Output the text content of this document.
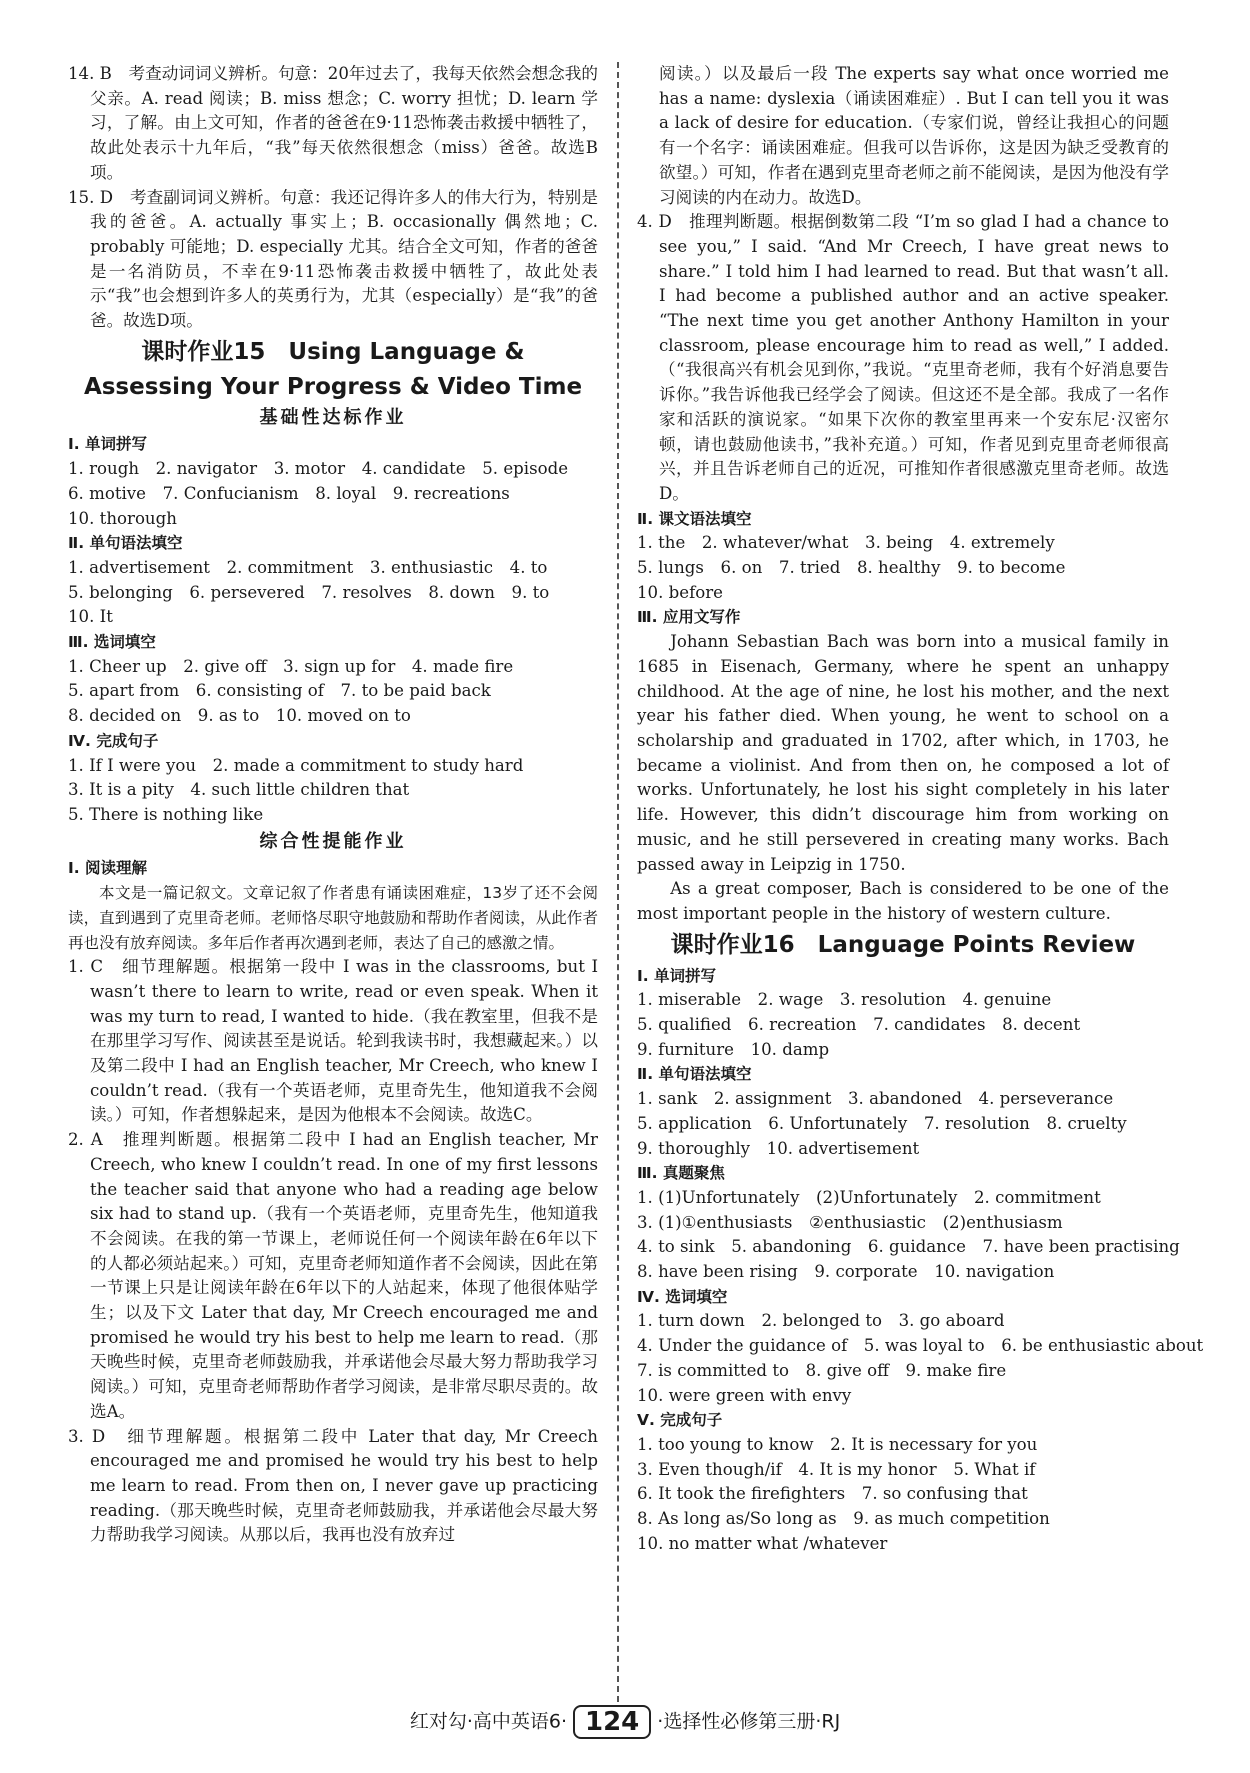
14. B　考查动词词义辨析。句意：20年过去了，我每天依然会想念我的父亲。A. read 阅读；B. miss 想念；C. worry 担忧；D. learn 学习，了解。由上文可知，作者的爸爸在9·11恐怖袭击救援中牺牲了，故此处表示十九年后，“我”每天依然很想念（miss）爸爸。故选B项。

15. D　考查副词词义辨析。句意：我还记得许多人的伟大行为，特别是我的爸爸。A. actually 事实上；B. occasionally 偶然地；C. probably 可能地；D. especially 尤其。结合全文可知，作者的爸爸是一名消防员，不幸在9·11恐怖袭击救援中牺牲了，故此处表示“我”也会想到许多人的英勇行为，尤其（especially）是“我”的爸爸。故选D项。

课时作业15　Using Language &

Assessing Your Progress & Video Time

基础性达标作业

Ⅰ. 单词拼写

1. rough　2. navigator　3. motor　4. candidate　5. episode

6. motive　7. Confucianism　8. loyal　9. recreations

10. thorough

Ⅱ. 单句语法填空

1. advertisement　2. commitment　3. enthusiastic　4. to

5. belonging　6. persevered　7. resolves　8. down　9. to

10. It

Ⅲ. 选词填空

1. Cheer up　2. give off　3. sign up for　4. made fire

5. apart from　6. consisting of　7. to be paid back

8. decided on　9. as to　10. moved on to

Ⅳ. 完成句子

1. If I were you　2. made a commitment to study hard

3. It is a pity　4. such little children that

5. There is nothing like

综合性提能作业

Ⅰ. 阅读理解

本文是一篇记叙文。文章记叙了作者患有诵读困难症，13岁了还不会阅读，直到遇到了克里奇老师。老师恪尽职守地鼓励和帮助作者阅读，从此作者再也没有放弃阅读。多年后作者再次遇到老师，表达了自己的感激之情。

1. C　细节理解题。根据第一段中 I was in the classrooms, but I wasn’t there to learn to write, read or even speak. When it was my turn to read, I wanted to hide.（我在教室里，但我不是在那里学习写作、阅读甚至是说话。轮到我读书时，我想藏起来。）以及第二段中 I had an English teacher, Mr Creech, who knew I couldn’t read.（我有一个英语老师，克里奇先生，他知道我不会阅读。）可知，作者想躲起来，是因为他根本不会阅读。故选C。

2. A　推理判断题。根据第二段中 I had an English teacher, Mr Creech, who knew I couldn’t read. In one of my first lessons the teacher said that anyone who had a reading age below six had to stand up.（我有一个英语老师，克里奇先生，他知道我不会阅读。在我的第一节课上，老师说任何一个阅读年龄在6年以下的人都必须站起来。）可知，克里奇老师知道作者不会阅读，因此在第一节课上只是让阅读年龄在6年以下的人站起来，体现了他很体贴学生；以及下文 Later that day, Mr Creech encouraged me and promised he would try his best to help me learn to read.（那天晚些时候，克里奇老师鼓励我，并承诺他会尽最大努力帮助我学习阅读。）可知，克里奇老师帮助作者学习阅读，是非常尽职尽责的。故选A。

3. D　细节理解题。根据第二段中 Later that day, Mr Creech encouraged me and promised he would try his best to help me learn to read. From then on, I never gave up practicing reading.（那天晚些时候，克里奇老师鼓励我，并承诺他会尽最大努力帮助我学习阅读。从那以后，我再也没有放弃过

阅读。）以及最后一段 The experts say what once worried me has a name: dyslexia（诵读困难症）. But I can tell you it was a lack of desire for education.（专家们说，曾经让我担心的问题有一个名字：诵读困难症。但我可以告诉你，这是因为缺乏受教育的欲望。）可知，作者在遇到克里奇老师之前不能阅读，是因为他没有学习阅读的内在动力。故选D。

4. D　推理判断题。根据倒数第二段 “I’m so glad I had a chance to see you,” I said. “And Mr Creech, I have great news to share.” I told him I had learned to read. But that wasn’t all. I had become a published author and an active speaker. “The next time you get another Anthony Hamilton in your classroom, please encourage him to read as well,” I added.（“我很高兴有机会见到你，”我说。“克里奇老师，我有个好消息要告诉你。”我告诉他我已经学会了阅读。但这还不是全部。我成了一名作家和活跃的演说家。“如果下次你的教室里再来一个安东尼·汉密尔顿，请也鼓励他读书，”我补充道。）可知，作者见到克里奇老师很高兴，并且告诉老师自己的近况，可推知作者很感激克里奇老师。故选D。

Ⅱ. 课文语法填空

1. the　2. whatever/what　3. being　4. extremely

5. lungs　6. on　7. tried　8. healthy　9. to become

10. before

Ⅲ. 应用文写作

Johann Sebastian Bach was born into a musical family in 1685 in Eisenach, Germany, where he spent an unhappy childhood. At the age of nine, he lost his mother, and the next year his father died. When young, he went to school on a scholarship and graduated in 1702, after which, in 1703, he became a violinist. And from then on, he composed a lot of works. Unfortunately, he lost his sight completely in his later life. However, this didn’t discourage him from working on music, and he still persevered in creating many works. Bach passed away in Leipzig in 1750.

As a great composer, Bach is considered to be one of the most important people in the history of western culture.

课时作业16　Language Points Review

Ⅰ. 单词拼写

1. miserable　2. wage　3. resolution　4. genuine

5. qualified　6. recreation　7. candidates　8. decent

9. furniture　10. damp

Ⅱ. 单句语法填空

1. sank　2. assignment　3. abandoned　4. perseverance

5. application　6. Unfortunately　7. resolution　8. cruelty

9. thoroughly　10. advertisement

Ⅲ. 真题聚焦

1. (1)Unfortunately　(2)Unfortunately　2. commitment

3. (1)①enthusiasts　②enthusiastic　(2)enthusiasm

4. to sink　5. abandoning　6. guidance　7. have been practising

8. have been rising　9. corporate　10. navigation

Ⅳ. 选词填空

1. turn down　2. belonged to　3. go aboard

4. Under the guidance of　5. was loyal to　6. be enthusiastic about

7. is committed to　8. give off　9. make fire

10. were green with envy

Ⅴ. 完成句子

1. too young to know　2. It is necessary for you

3. Even though/if　4. It is my honor　5. What if

6. It took the firefighters　7. so confusing that

8. As long as/So long as　9. as much competition

10. no matter what /whatever

红对勾·高中英语6· 124 ·选择性必修第三册·RJ
